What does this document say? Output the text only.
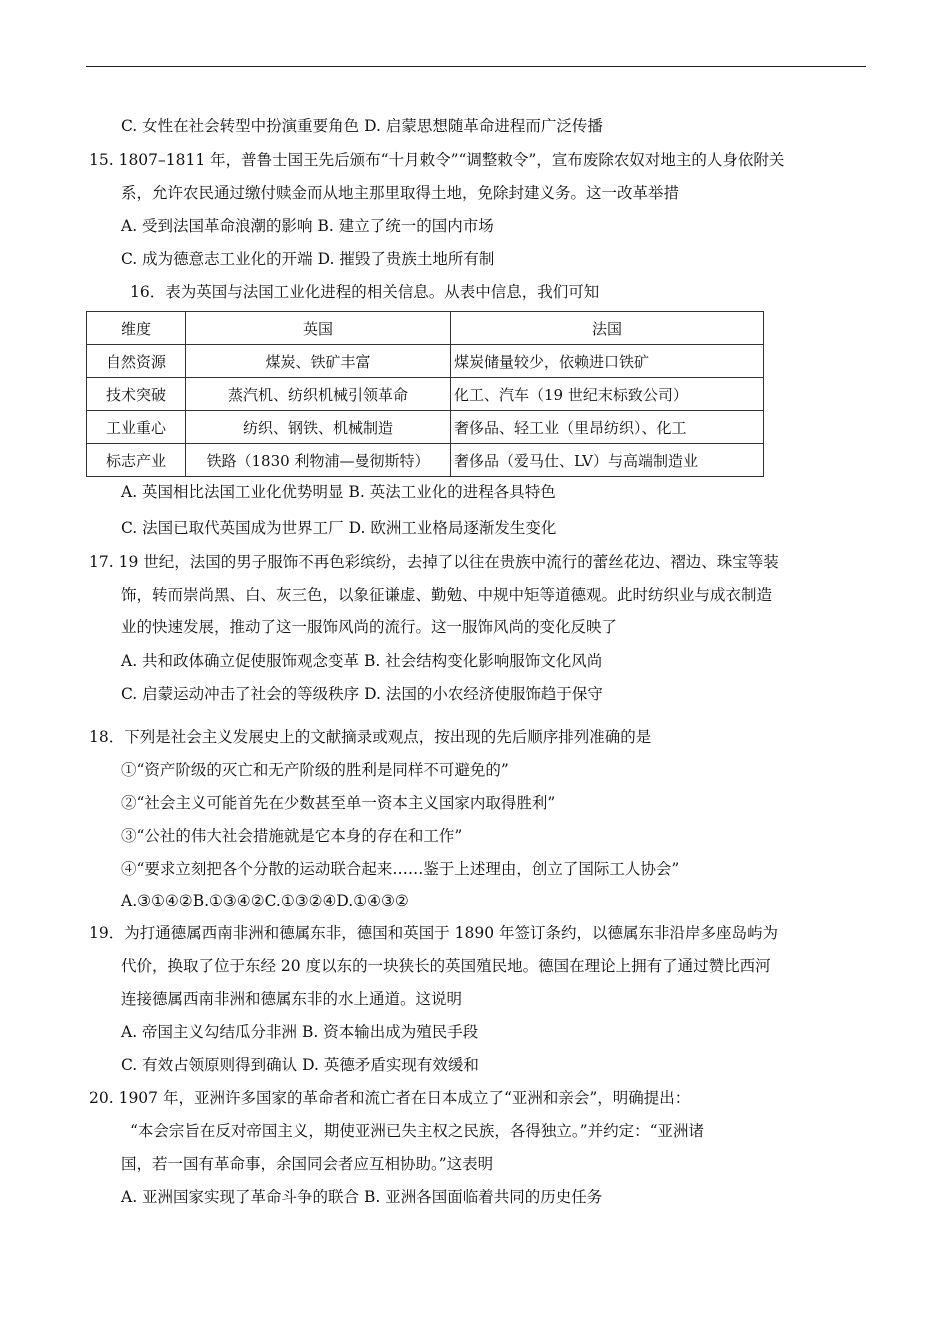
C. 女性在社会转型中扮演重要角色 D. 启蒙思想随革命进程而广泛传播
15. 1807–1811 年，普鲁士国王先后颁布“十月敕令”“调整敕令”，宣布废除农奴对地主的人身依附关
系，允许农民通过缴付赎金而从地主那里取得土地，免除封建义务。这一改革举措
A. 受到法国革命浪潮的影响 B. 建立了统一的国内市场
C. 成为德意志工业化的开端 D. 摧毁了贵族土地所有制
16．表为英国与法国工业化进程的相关信息。从表中信息，我们可知
维度	英国	法国
自然资源	煤炭、铁矿丰富	煤炭储量较少，依赖进口铁矿
技术突破	蒸汽机、纺织机械引领革命	化工、汽车（19 世纪末标致公司）
工业重心	纺织、钢铁、机械制造	奢侈品、轻工业（里昂纺织）、化工
标志产业	铁路（1830 利物浦—曼彻斯特）	奢侈品（爱马仕、LV）与高端制造业
A. 英国相比法国工业化优势明显 B. 英法工业化的进程各具特色
C. 法国已取代英国成为世界工厂 D. 欧洲工业格局逐渐发生变化
17. 19 世纪，法国的男子服饰不再色彩缤纷，去掉了以往在贵族中流行的蕾丝花边、褶边、珠宝等装
饰，转而崇尚黑、白、灰三色，以象征谦虚、勤勉、中规中矩等道德观。此时纺织业与成衣制造
业的快速发展，推动了这一服饰风尚的流行。这一服饰风尚的变化反映了
A. 共和政体确立促使服饰观念变革 B. 社会结构变化影响服饰文化风尚
C. 启蒙运动冲击了社会的等级秩序 D. 法国的小农经济使服饰趋于保守
18．下列是社会主义发展史上的文献摘录或观点，按出现的先后顺序排列准确的是
①“资产阶级的灭亡和无产阶级的胜利是同样不可避免的”
②“社会主义可能首先在少数甚至单一资本主义国家内取得胜利”
③“公社的伟大社会措施就是它本身的存在和工作”
④“要求立刻把各个分散的运动联合起来……鉴于上述理由，创立了国际工人协会”
A.③①④②B.①③④②C.①③②④D.①④③②
19．为打通德属西南非洲和德属东非，德国和英国于 1890 年签订条约，以德属东非沿岸多座岛屿为
代价，换取了位于东经 20 度以东的一块狭长的英国殖民地。德国在理论上拥有了通过赞比西河
连接德属西南非洲和德属东非的水上通道。这说明
A. 帝国主义勾结瓜分非洲 B. 资本输出成为殖民手段
C. 有效占领原则得到确认 D. 英德矛盾实现有效缓和
20. 1907 年，亚洲许多国家的革命者和流亡者在日本成立了“亚洲和亲会”，明确提出：
“本会宗旨在反对帝国主义，期使亚洲已失主权之民族，各得独立。”并约定：“亚洲诸
国，若一国有革命事，余国同会者应互相协助。”这表明
A. 亚洲国家实现了革命斗争的联合 B. 亚洲各国面临着共同的历史任务
